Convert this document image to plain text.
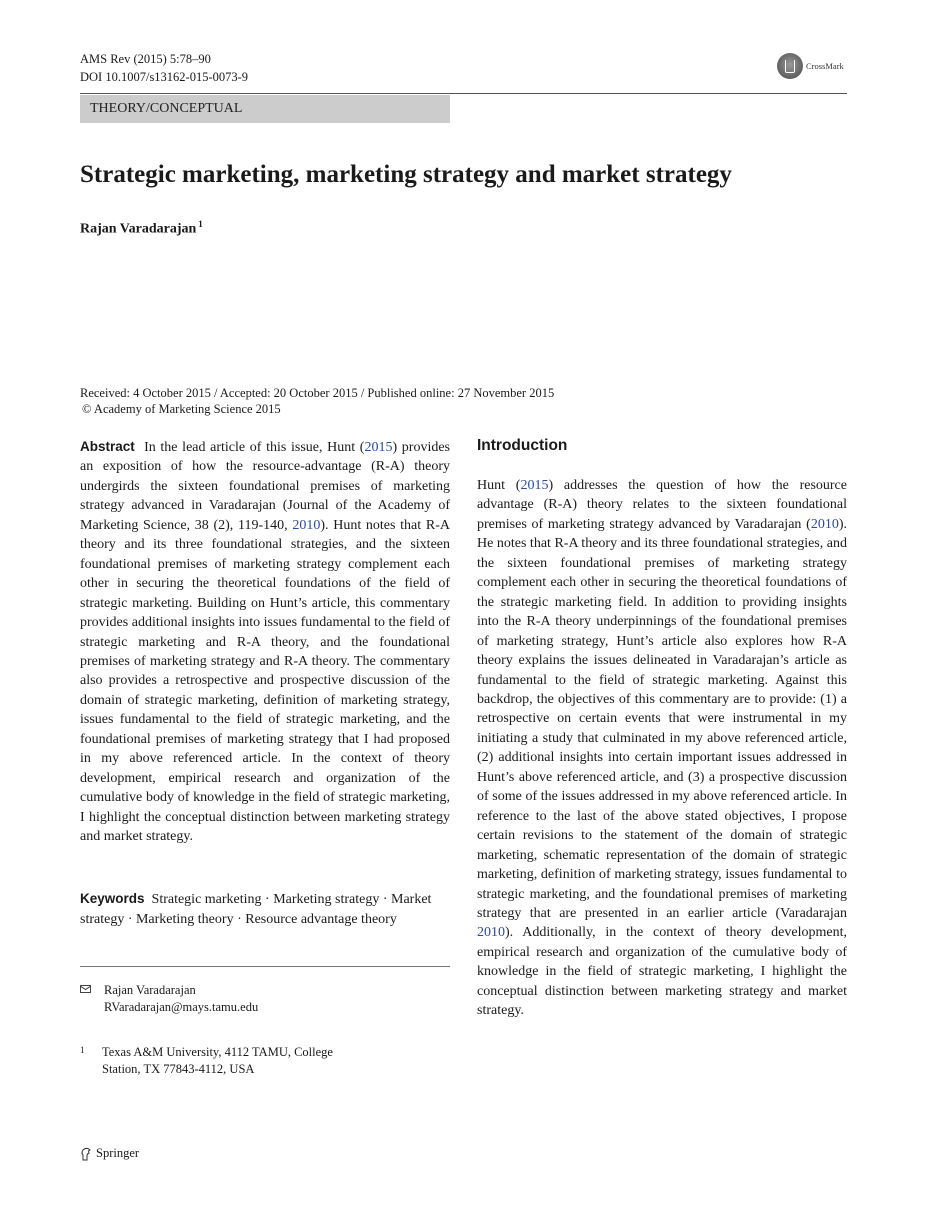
AMS Rev (2015) 5:78–90
DOI 10.1007/s13162-015-0073-9
CrossMark
THEORY/CONCEPTUAL
Strategic marketing, marketing strategy and market strategy
Rajan Varadarajan $^1$
Received: 4 October 2015 / Accepted: 20 October 2015 / Published online: 27 November 2015
© Academy of Marketing Science 2015

Abstract In the lead article of this issue, Hunt (2015) provides an exposition of how the resource-advantage (R-A) theory undergirds the sixteen foundational premises of marketing strategy advanced in Varadarajan (Journal of the Academy of Marketing Science, 38 (2), 119-140, 2010). Hunt notes that R-A theory and its three foundational strategies, and the sixteen foundational premises of marketing strategy complement each other in securing the theoretical foundations of the field of strategic marketing. Building on Hunt’s article, this commentary provides additional insights into issues fundamental to the field of strategic marketing and R-A theory, and the foundational premises of marketing strategy and R-A theory. The commentary also provides a retrospective and prospective discussion of the domain of strategic marketing, definition of marketing strategy, issues fundamental to the field of strategic marketing, and the foundational premises of marketing strategy that I had proposed in my above referenced article. In the context of theory development, empirical research and organization of the cumulative body of knowledge in the field of strategic marketing, I highlight the conceptual distinction between marketing strategy and market strategy.

Keywords Strategic marketing · Marketing strategy · Market strategy · Marketing theory · Resource advantage theory

Rajan Varadarajan
RVaradarajan@mays.tamu.edu
1 Texas A&M University, 4112 TAMU, College
Station, TX 77843-4112, USA
Introduction

Hunt (2015) addresses the question of how the resource advantage (R-A) theory relates to the sixteen foundational premises of marketing strategy advanced by Varadarajan (2010). He notes that R-A theory and its three foundational strategies, and the sixteen foundational premises of marketing strategy complement each other in securing the theoretical foundations of the strategic marketing field. In addition to providing insights into the R-A theory underpinnings of the foundational premises of marketing strategy, Hunt’s article also explores how R-A theory explains the issues delineated in Varadarajan’s article as fundamental to the field of strategic marketing. Against this backdrop, the objectives of this commentary are to provide: (1) a retrospective on certain events that were instrumental in my initiating a study that culminated in my above referenced article, (2) additional insights into certain important issues addressed in Hunt’s above referenced article, and (3) a prospective discussion of some of the issues addressed in my above referenced article. In reference to the last of the above stated objectives, I propose certain revisions to the statement of the domain of strategic marketing, schematic representation of the domain of strategic marketing, definition of marketing strategy, issues fundamental to strategic marketing, and the foundational premises of marketing strategy that are presented in an earlier article (Varadarajan 2010). Additionally, in the context of theory development, empirical research and organization of the cumulative body of knowledge in the field of strategic marketing, I highlight the conceptual distinction between marketing strategy and market strategy.

Springer
